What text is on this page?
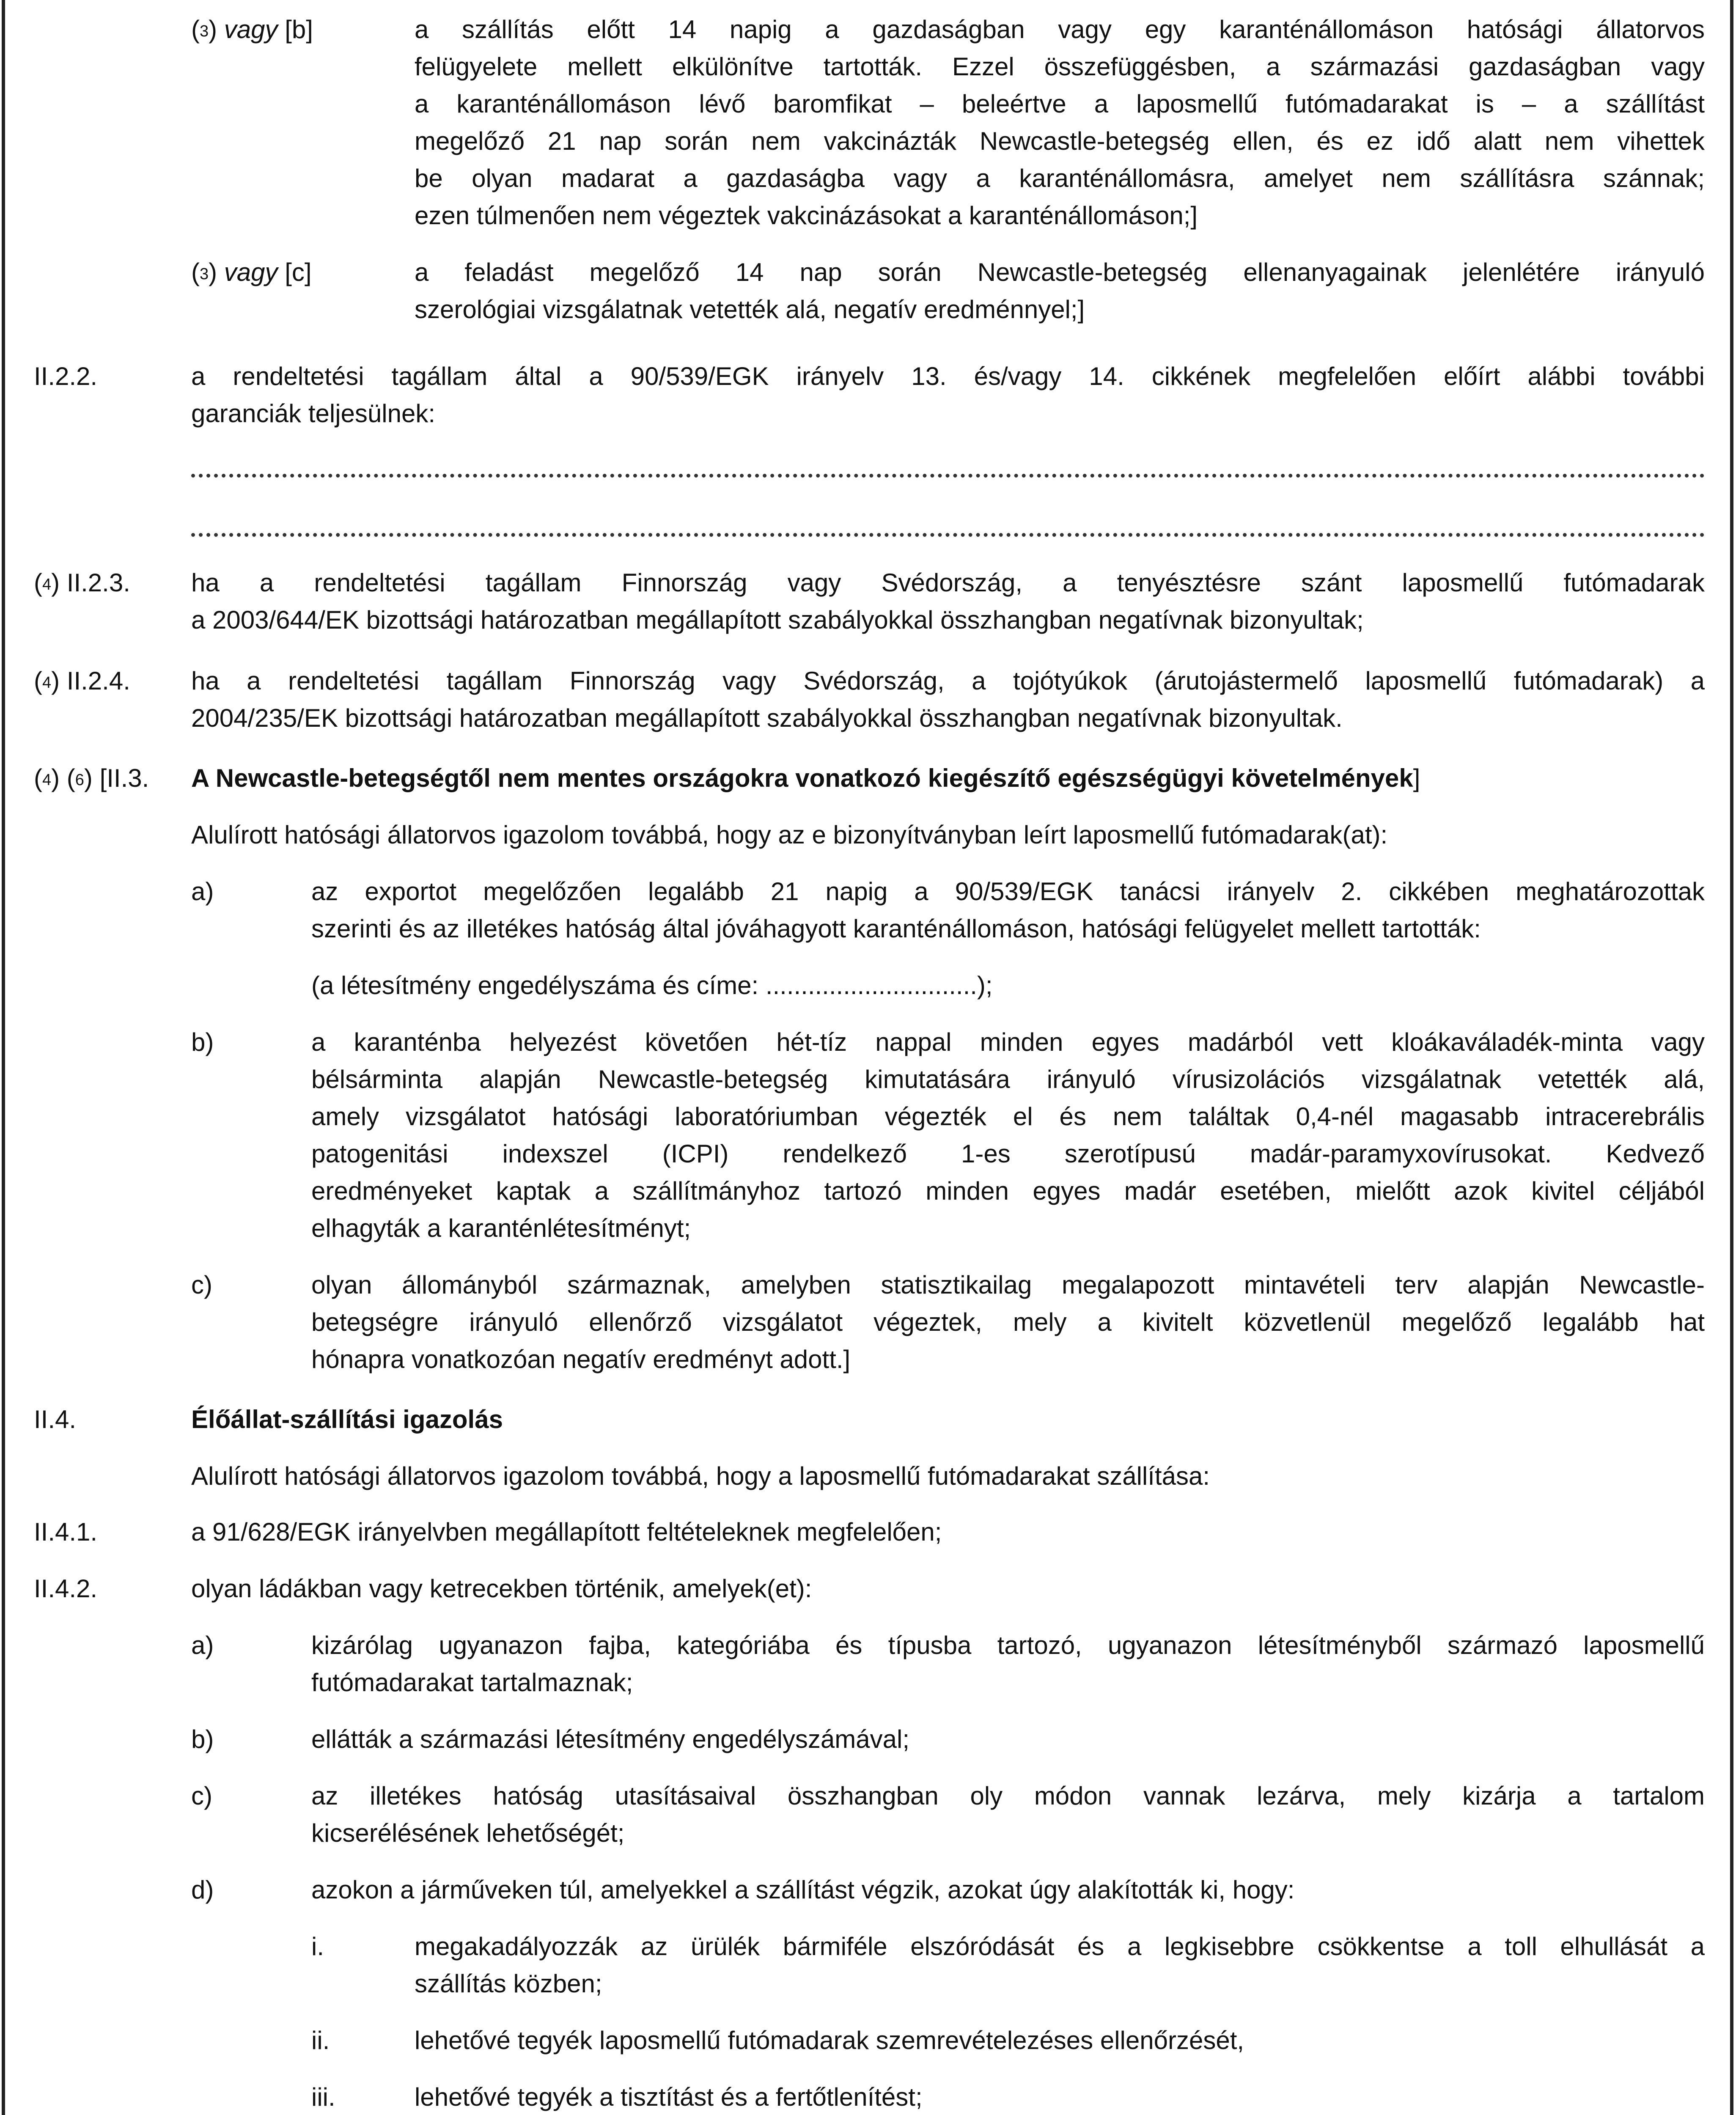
($^3$) vagy [b]	a szállítás előtt 14 napig a gazdaságban vagy egy karanténállomáson hatósági állatorvos
felügyelete mellett elkülönítve tartották. Ezzel összefüggésben, a származási gazdaságban vagy
a karanténállomáson lévő baromfikat – beleértve a laposmellű futómadarakat is – a szállítást
megelőző 21 nap során nem vakcinázták Newcastle-betegség ellen, és ez idő alatt nem vihettek
be olyan madarat a gazdaságba vagy a karanténállomásra, amelyet nem szállításra szánnak;
ezen túlmenően nem végeztek vakcinázásokat a karanténállomáson;]
($^3$) vagy [c]	a feladást megelőző 14 nap során Newcastle-betegség ellenanyagainak jelenlétére irányuló
szerológiai vizsgálatnak vetették alá, negatív eredménnyel;]
II.2.2.	a rendeltetési tagállam által a 90/539/EGK irányelv 13. és/vagy 14. cikkének megfelelően előírt alábbi további
garanciák teljesülnek:
($^4$) II.2.3. ha a rendeltetési tagállam Finnország vagy Svédország, a tenyésztésre szánt laposmellű futómadarak
a 2003/644/EK bizottsági határozatban megállapított szabályokkal összhangban negatívnak bizonyultak;
($^4$) II.2.4. ha a rendeltetési tagállam Finnország vagy Svédország, a tojótyúkok (árutojástermelő laposmellű futómadarak) a
2004/235/EK bizottsági határozatban megállapított szabályokkal összhangban negatívnak bizonyultak.
($^4$) ($^6$) [II.3. A Newcastle-betegségtől nem mentes országokra vonatkozó kiegészítő egészségügyi követelmények]
Alulírott hatósági állatorvos igazolom továbbá, hogy az e bizonyítványban leírt laposmellű futómadarak(at):
a)	az exportot megelőzően legalább 21 napig a 90/539/EGK tanácsi irányelv 2. cikkében meghatározottak
szerinti és az illetékes hatóság által jóváhagyott karanténállomáson, hatósági felügyelet mellett tartották:
(a létesítmény engedélyszáma és címe: ..............................);
b)	a karanténba helyezést követően hét-tíz nappal minden egyes madárból vett kloákaváladék-minta vagy
bélsárminta alapján Newcastle-betegség kimutatására irányuló vírusizolációs vizsgálatnak vetették alá,
amely vizsgálatot hatósági laboratóriumban végezték el és nem találtak 0,4-nél magasabb intracerebrális
patogenitási indexszel (ICPI) rendelkező 1-es szerotípusú madár-paramyxovírusokat. Kedvező
eredményeket kaptak a szállítmányhoz tartozó minden egyes madár esetében, mielőtt azok kivitel céljából
elhagyták a karanténlétesítményt;
c)	olyan állományból származnak, amelyben statisztikailag megalapozott mintavételi terv alapján Newcastle-
betegségre irányuló ellenőrző vizsgálatot végeztek, mely a kivitelt közvetlenül megelőző legalább hat
hónapra vonatkozóan negatív eredményt adott.]
II.4.	Élőállat-szállítási igazolás
Alulírott hatósági állatorvos igazolom továbbá, hogy a laposmellű futómadarakat szállítása:
II.4.1.	a 91/628/EGK irányelvben megállapított feltételeknek megfelelően;
II.4.2.	olyan ládákban vagy ketrecekben történik, amelyek(et):
a)	kizárólag ugyanazon fajba, kategóriába és típusba tartozó, ugyanazon létesítményből származó laposmellű
futómadarakat tartalmaznak;
b)	ellátták a származási létesítmény engedélyszámával;
c)	az illetékes hatóság utasításaival összhangban oly módon vannak lezárva, mely kizárja a tartalom
kicserélésének lehetőségét;
d)	azokon a járműveken túl, amelyekkel a szállítást végzik, azokat úgy alakították ki, hogy:
i.	megakadályozzák az ürülék bármiféle elszóródását és a legkisebbre csökkentse a toll elhullását a
szállítás közben;
ii.	lehetővé tegyék laposmellű futómadarak szemrevételezéses ellenőrzését,
iii.	lehetővé tegyék a tisztítást és a fertőtlenítést;
